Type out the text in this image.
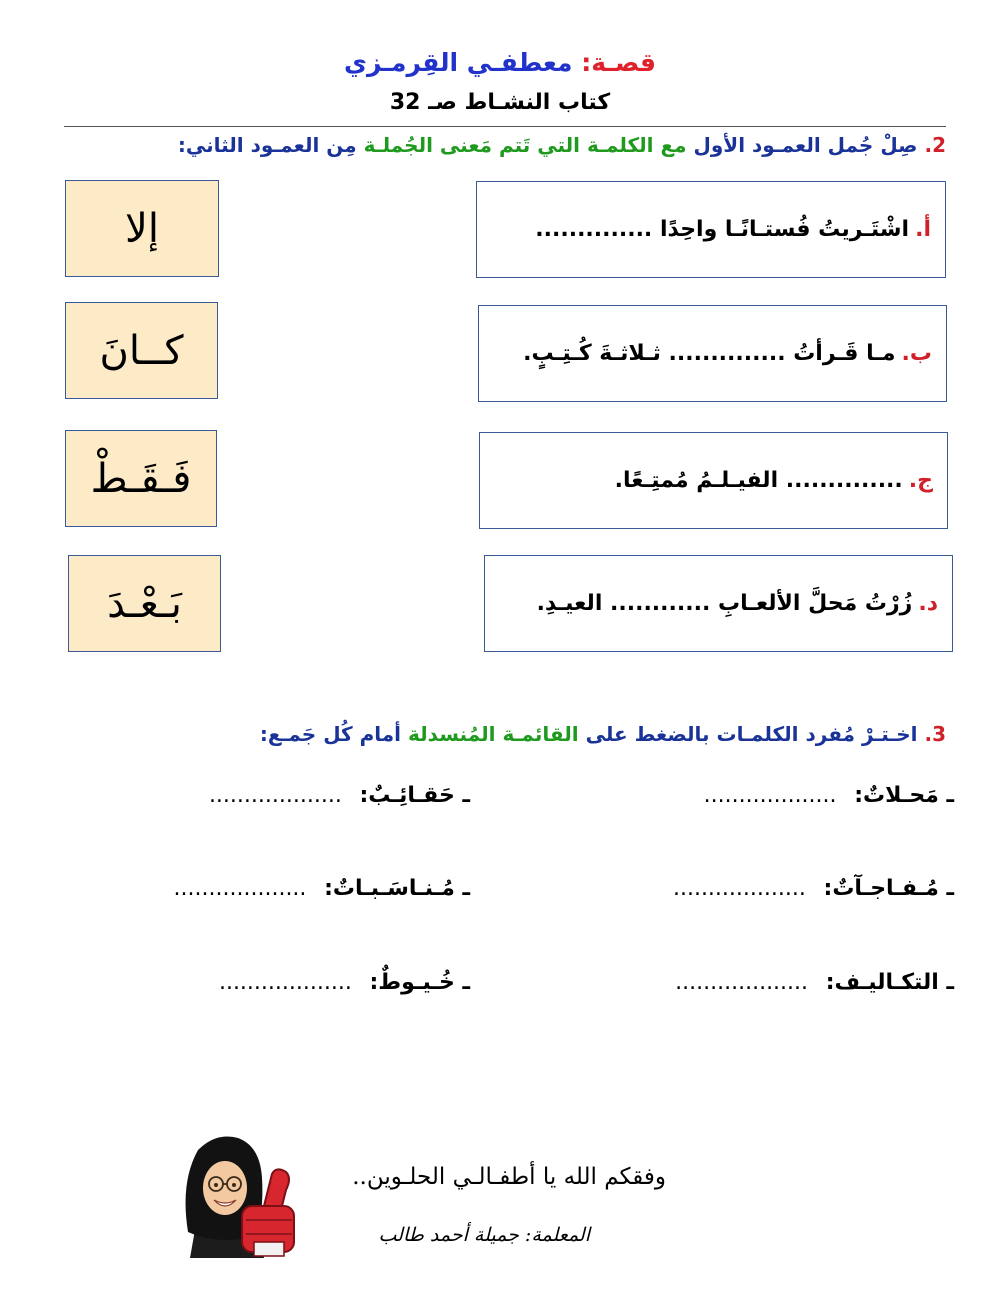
قصـة: معطفـي القِرمـزي
كتاب النشـاط صـ 32
2. صِلْ جُمل العمـود الأول مع الكلمـة التي تَتم مَعنى الجُملـة مِن العمـود الثاني:
أ.
اشْتَـريتُ فُستـانًـا واحِدًا ..............
ب.
مـا قَـرأتُ .............. ثـلاثـةَ كُـتِـبٍ.
ج.
.............. الفيـلـمُ مُمتِـعًا.
د.
زُرْتُ مَحلَّ الألعـابِ ............ العيـدِ.
إلا
كــانَ
فَـقَـطْ
بَـعْـدَ
3. اخـتـرْ مُفرد الكلمـات بالضغط على القائمـة المُنسدلة أمام كُل جَمـع:
ـ مَحـلاتٌ: ...................
ـ حَقـائِـبٌ: ...................
ـ مُـفـاجـآتٌ: ...................
ـ مُـنـاسَـبـاتٌ: ...................
ـ التكـاليـف: ...................
ـ خُـيـوطٌ: ...................
وفقكم الله يا أطفـالـي الحلـوين..
المعلمة: جميلة أحمد طالب
